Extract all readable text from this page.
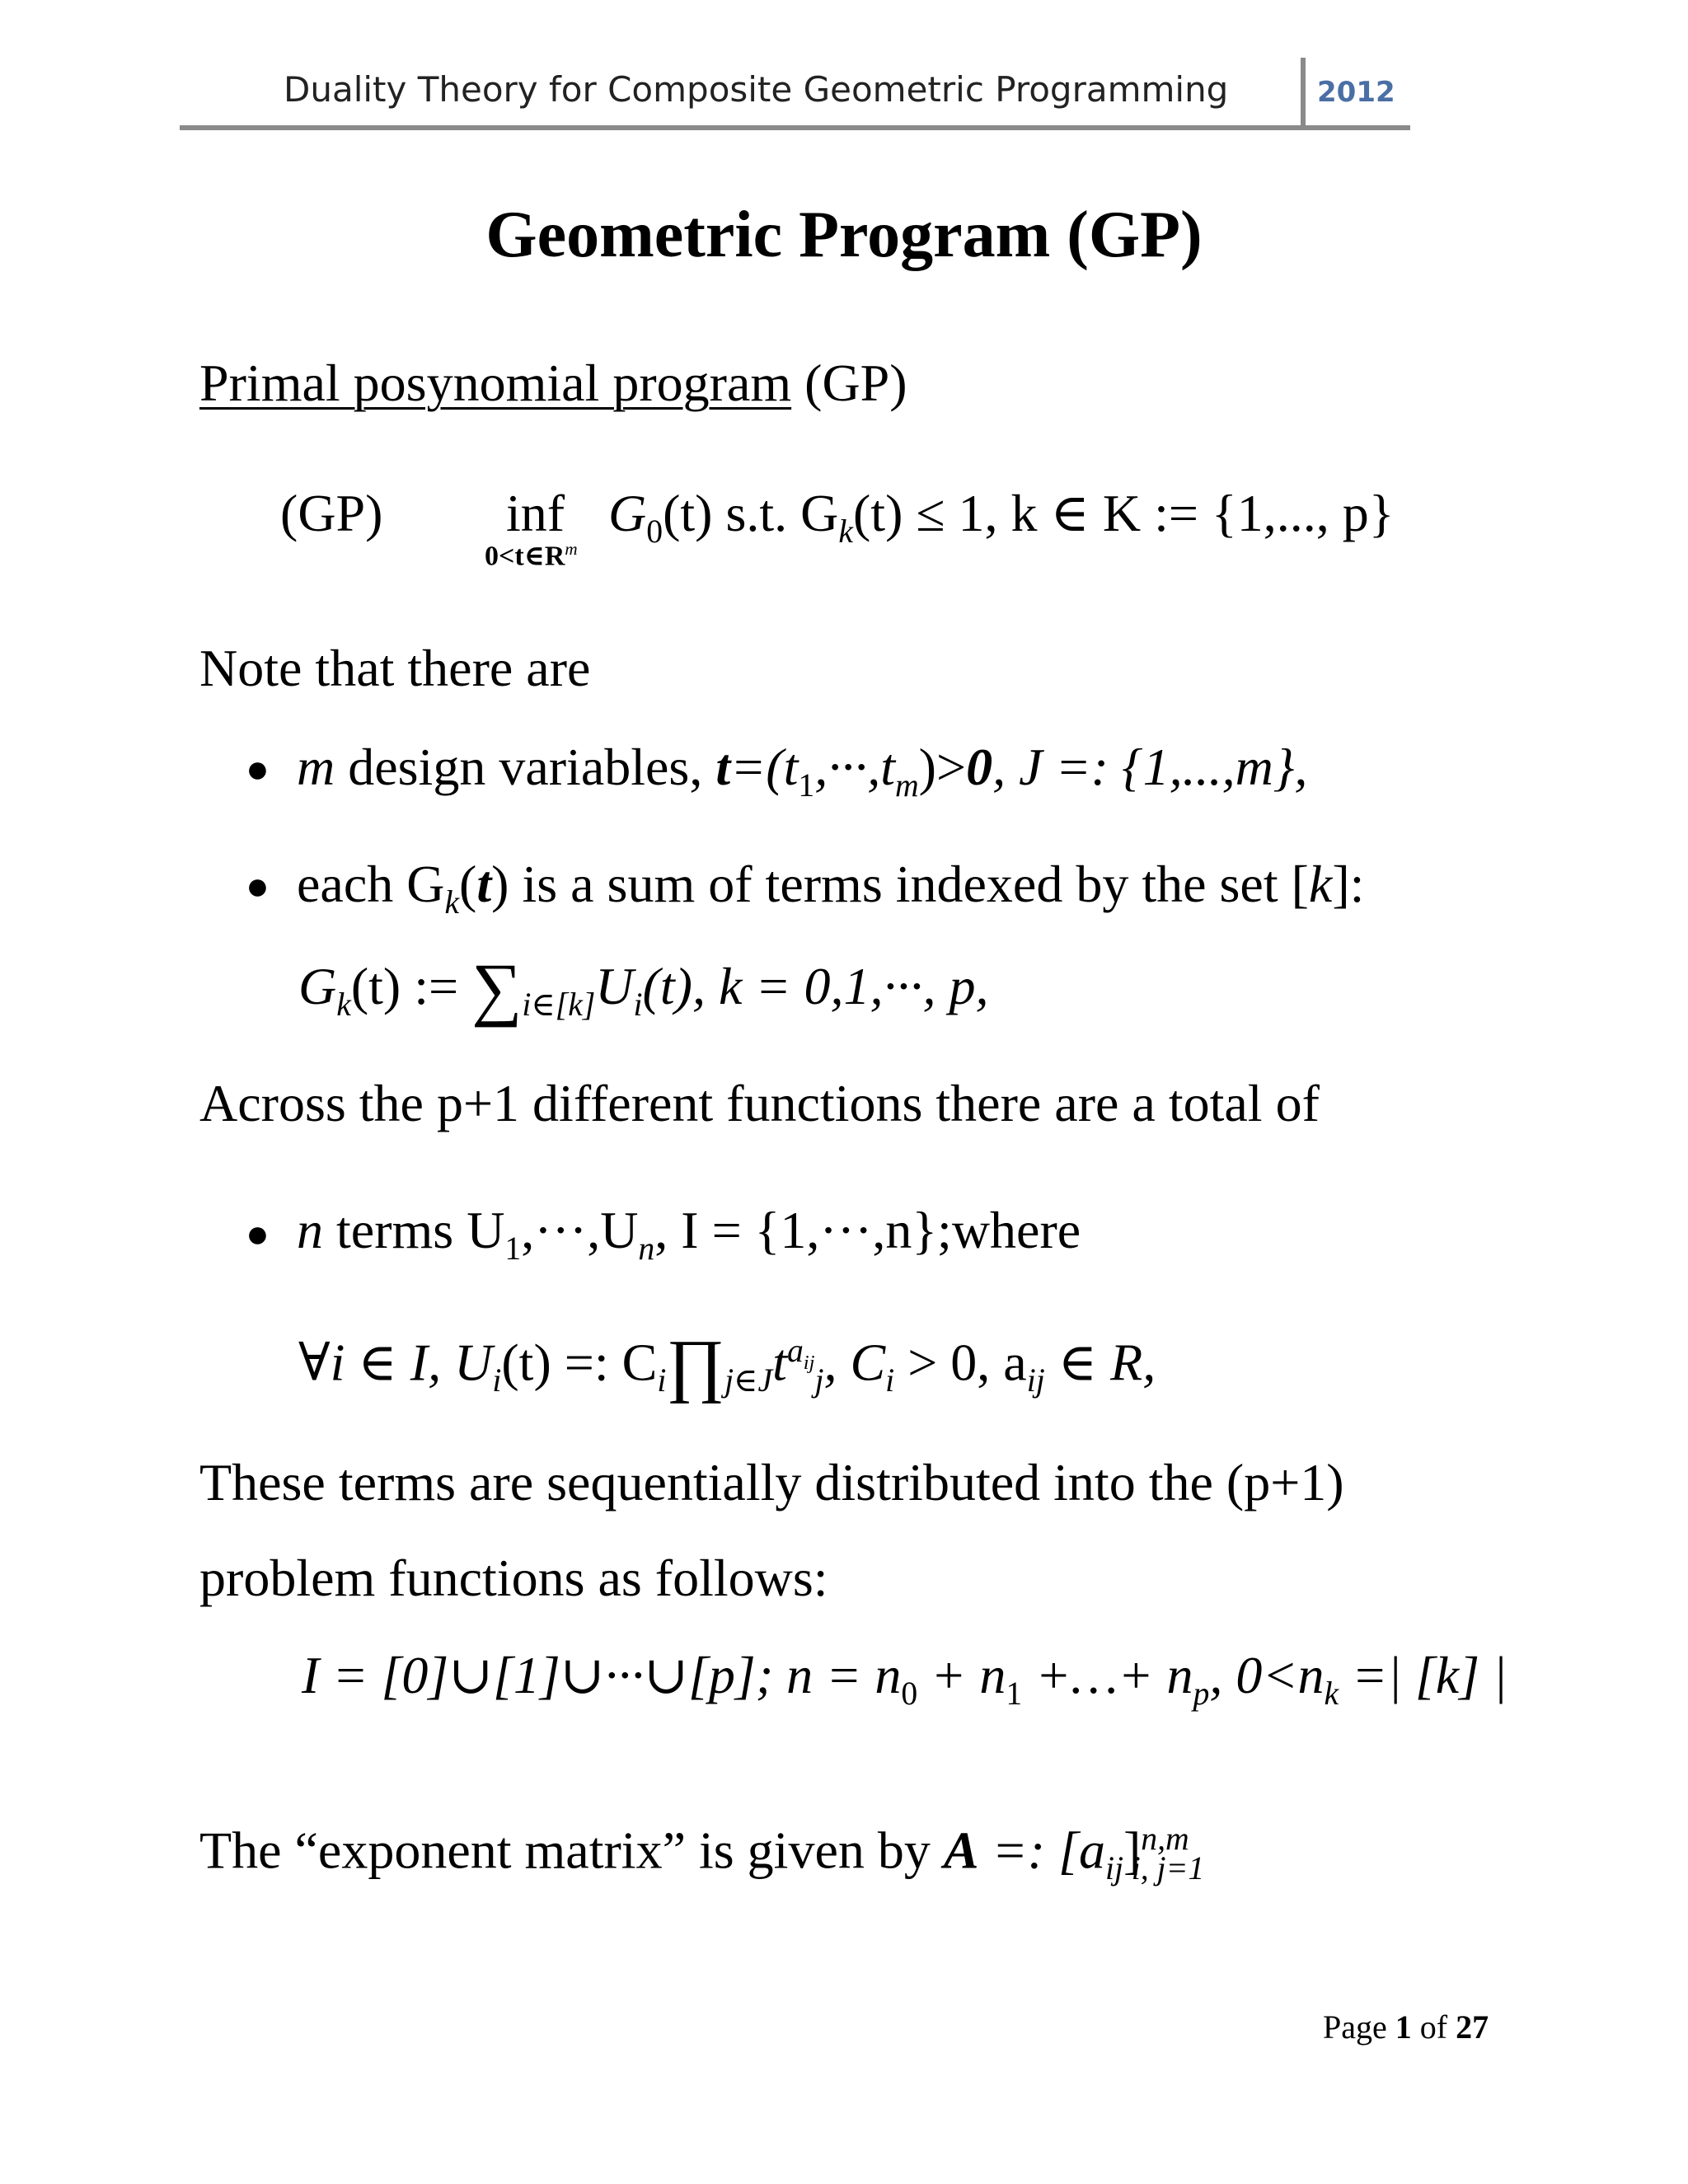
Duality Theory for Composite Geometric Programming	2012
Geometric Program (GP)
Primal posynomial program (GP)
(GP) inf
$0<t\in R^m$
$G_0(t)$ s.t. $G_k(t) \le 1$, k ∈ K := {1,..., p}
Note that there are
● m design variables, $t=(t_1,\cdot\cdot\cdot,t_m)>0$, J =: {1,...,m},
● each $G_k(t)$ is a sum of terms indexed by the set [k]:
$G_k(t)$ := $\sum_{i\in[k]}U_i(t)$, k = 0,1,···, p,
Across the p+1 different functions there are a total of
● n terms $U_1,\cdot\cdot\cdot,U_n$, I = {1,···,n};where
∀i ∈ I, $U_i(t)$ =: $C_i\prod_{j\in J}t^{a_{ij}}_j$, $C_i > 0$, $a_{ij}$ ∈ R,
These terms are sequentially distributed into the (p+1)
problem functions as follows:
I = [0]∪[1]∪···∪[p]; $n = n_0 + n_1$ +…+ $n_p$, $0<n_k$ =| [k] |
The “exponent matrix” is given by A =: $[a_{ij}]^{n,m}_{i, j=1}$
Page 1 of 27
